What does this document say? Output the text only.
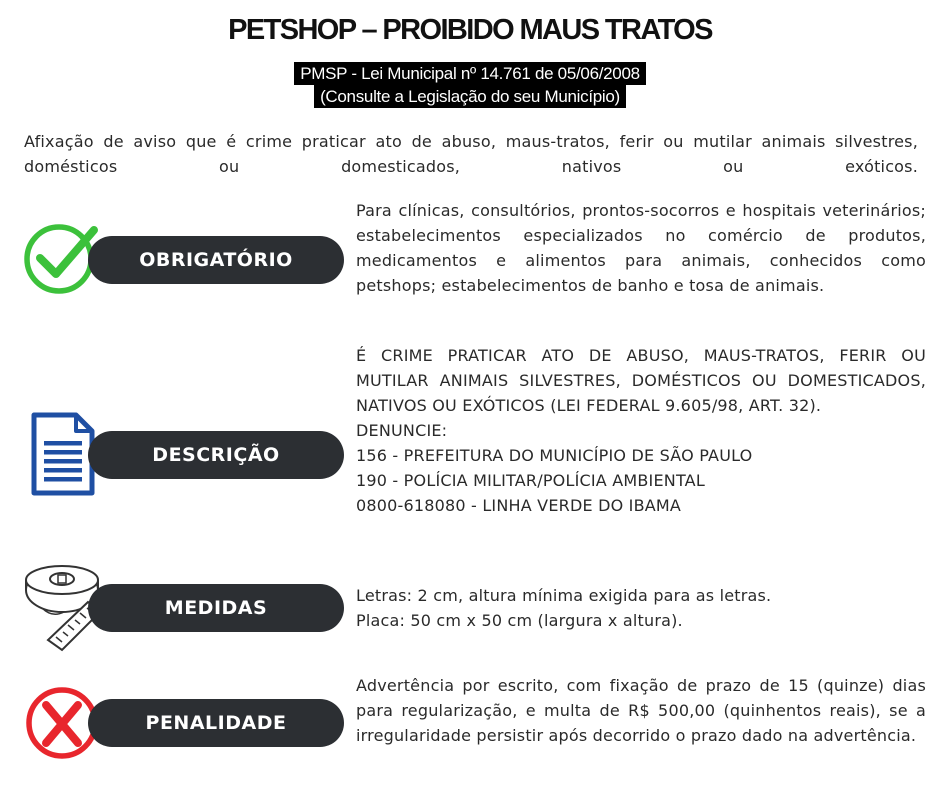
PETSHOP – PROIBIDO MAUS TRATOS
PMSP - Lei Municipal nº 14.761 de 05/06/2008
(Consulte a Legislação do seu Município)
Afixação de aviso que é crime praticar ato de abuso, maus-tratos, ferir ou mutilar animais silvestres, domésticos ou domesticados, nativos ou exóticos.
OBRIGATÓRIO
Para clínicas, consultórios, prontos-socorros e hospitais veterinários; estabelecimentos especializados no comércio de produtos, medicamentos e alimentos para animais, conhecidos como petshops; estabelecimentos de banho e tosa de animais.
DESCRIÇÃO
É CRIME PRATICAR ATO DE ABUSO, MAUS-TRATOS, FERIR OU MUTILAR ANIMAIS SILVESTRES, DOMÉSTICOS OU DOMESTICADOS, NATIVOS OU EXÓTICOS (LEI FEDERAL 9.605/98, ART. 32).
DENUNCIE:
156 - PREFEITURA DO MUNICÍPIO DE SÃO PAULO
190 - POLÍCIA MILITAR/POLÍCIA AMBIENTAL
0800-618080 - LINHA VERDE DO IBAMA
MEDIDAS
Letras: 2 cm, altura mínima exigida para as letras.
Placa: 50 cm x 50 cm (largura x altura).
PENALIDADE
Advertência por escrito, com fixação de prazo de 15 (quinze) dias para regularização, e multa de R$ 500,00 (quinhentos reais), se a irregularidade persistir após decorrido o prazo dado na advertência.
